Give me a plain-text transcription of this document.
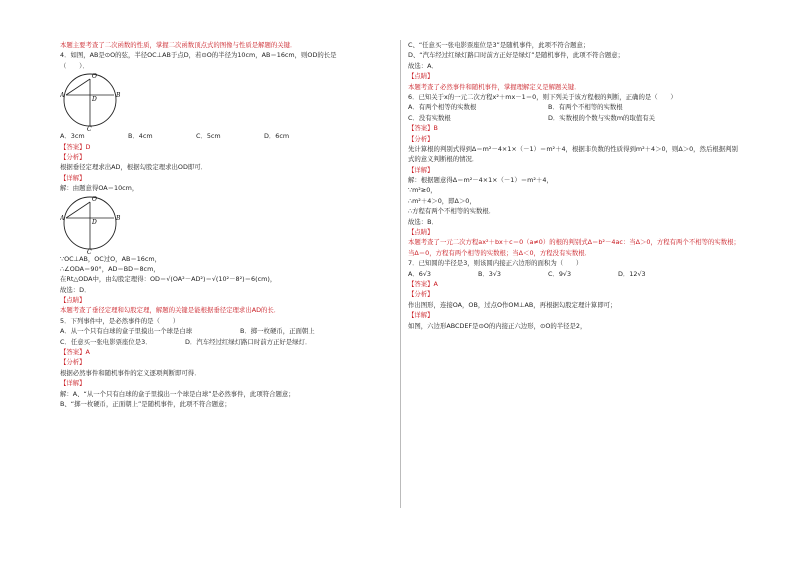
本题主要考查了二次函数的性质，掌握二次函数顶点式的图像与性质是解题的关键．
4．如图，AB是⊙O的弦，半径OC⊥AB于点D，若⊙O的半径为10cm，AB＝16cm，则OD的长是
（　　）．
O
A	B
D
C
A．3cm	B．4cm	C．5cm	D．6cm
【答案】D
【分析】
根据垂径定理求出AD，根据勾股定理求出OD即可．
【详解】
解：由题意得OA＝10cm，
O
A	B
D
C
∵OC⊥AB，OC过O，AB＝16cm，
∴∠ODA＝90°，AD＝BD＝8cm，
在Rt△ODA中，由勾股定理得：OD＝√(OA²－AD²)＝√(10²－8²)＝6(cm)，
故选：D．
【点睛】
本题考查了垂径定理和勾股定理，解题的关键是能根据垂径定理求出AD的长．
5．下列事件中，是必然事件的是（　　）
A．从一个只有白球的盒子里摸出一个球是白球	B．掷一枚硬币，正面朝上
C．任意买一张电影票座位是3．	D．汽车经过红绿灯路口时前方正好是绿灯．
【答案】A
【分析】
根据必然事件和随机事件的定义逐项判断即可得．
【详解】
解：A、“从一个只有白球的盒子里摸出一个球是白球”是必然事件，此项符合题意；
B、“掷一枚硬币，正面朝上”是随机事件，此项不符合题意；
C、“任意买一张电影票座位是3”是随机事件，此项不符合题意；
D、“汽车经过红绿灯路口时前方正好是绿灯”是随机事件，此项不符合题意；
故选：A．
【点睛】
本题考查了必然事件和随机事件，掌握理解定义是解题关键．
6．已知关于x的一元二次方程x²＋mx－1＝0，则下列关于该方程根的判断，正确的是（　　）
A．有两个相等的实数根	B．有两个不相等的实数根
C．没有实数根	D．实数根的个数与实数m的取值有关
【答案】B
【分析】
先计算根的判别式得到Δ＝m²－4×1×（－1）＝m²＋4，根据非负数的性质得到m²＋4＞0，则Δ＞0，然后根据判别
式的意义判断根的情况．
【详解】
解：根据题意得Δ＝m²－4×1×（－1）＝m²＋4，
∵m²≥0，
∴m²＋4＞0，即Δ＞0，
∴方程有两个不相等的实数根．
故选：B．
【点睛】
本题考查了一元二次方程ax²＋bx＋c＝0（a≠0）的根的判别式Δ＝b²－4ac：当Δ＞0，方程有两个不相等的实数根；
当Δ＝0，方程有两个相等的实数根；当Δ＜0，方程没有实数根．
7．已知圆的半径是3，则该圆内接正六边形的面积为（　　）
A．6√3	B．3√3	C．9√3	D．12√3
【答案】A
【分析】
作出图形，连接OA，OB，过点O作OM⊥AB，再根据勾股定理计算即可；
【详解】
如图，六边形ABCDEF是⊙O的内接正六边形，⊙O的半径是2，
